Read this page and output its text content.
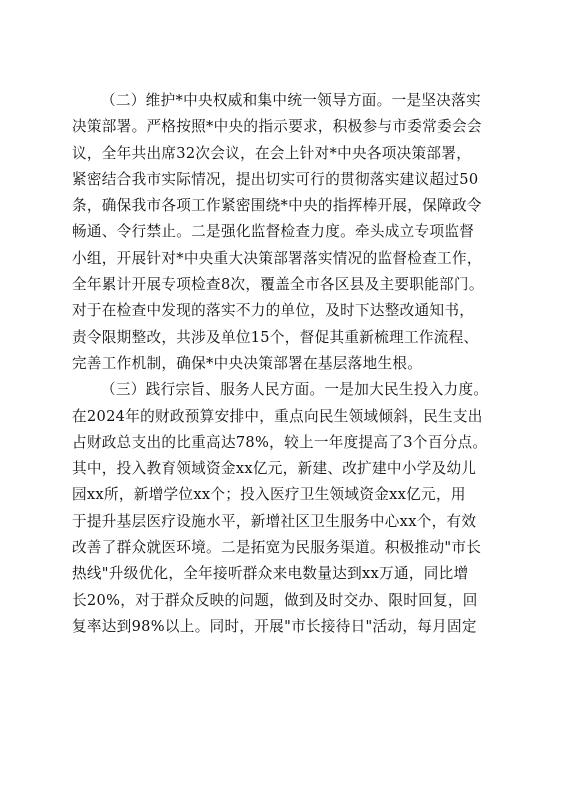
（二）维护*中央权威和集中统一领导方面。一是坚决落实
决策部署。严格按照*中央的指示要求，积极参与市委常委会会
议，全年共出席32次会议，在会上针对*中央各项决策部署，
紧密结合我市实际情况，提出切实可行的贯彻落实建议超过50
条，确保我市各项工作紧密围绕*中央的指挥棒开展，保障政令
畅通、令行禁止。二是强化监督检查力度。牵头成立专项监督
小组，开展针对*中央重大决策部署落实情况的监督检查工作，
全年累计开展专项检查8次，覆盖全市各区县及主要职能部门。
对于在检查中发现的落实不力的单位，及时下达整改通知书，
责令限期整改，共涉及单位15个，督促其重新梳理工作流程、
完善工作机制，确保*中央决策部署在基层落地生根。

（三）践行宗旨、服务人民方面。一是加大民生投入力度。
在2024年的财政预算安排中，重点向民生领域倾斜，民生支出
占财政总支出的比重高达78%，较上一年度提高了3个百分点。
其中，投入教育领域资金xx亿元，新建、改扩建中小学及幼儿
园xx所，新增学位xx个；投入医疗卫生领域资金xx亿元，用
于提升基层医疗设施水平，新增社区卫生服务中心xx个，有效
改善了群众就医环境。二是拓宽为民服务渠道。积极推动"市长
热线"升级优化，全年接听群众来电数量达到xx万通，同比增
长20%，对于群众反映的问题，做到及时交办、限时回复，回
复率达到98%以上。同时，开展"市长接待日"活动，每月固定
